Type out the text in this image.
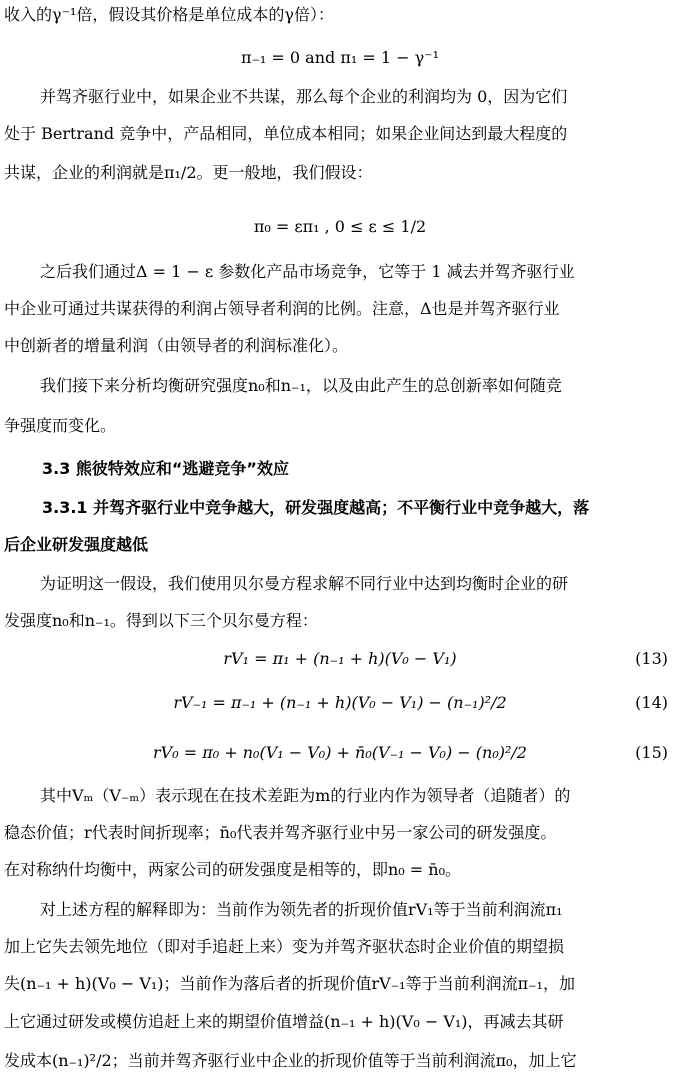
收入的γ⁻¹倍，假设其价格是单位成本的γ倍）：
π₋₁ = 0 and π₁ = 1 − γ⁻¹
并驾齐驱行业中，如果企业不共谋，那么每个企业的利润均为 0，因为它们
处于 Bertrand 竞争中，产品相同，单位成本相同；如果企业间达到最大程度的
共谋，企业的利润就是π₁/2。更一般地，我们假设：
π₀ = επ₁ , 0 ≤ ε ≤ 1/2
之后我们通过Δ = 1 − ε 参数化产品市场竞争，它等于 1 减去并驾齐驱行业
中企业可通过共谋获得的利润占领导者利润的比例。注意，Δ也是并驾齐驱行业
中创新者的增量利润（由领导者的利润标准化）。
我们接下来分析均衡研究强度n₀和n₋₁，以及由此产生的总创新率如何随竞
争强度而变化。
3.3 熊彼特效应和“逃避竞争”效应
3.3.1 并驾齐驱行业中竞争越大，研发强度越高；不平衡行业中竞争越大，落
后企业研发强度越低
为证明这一假设，我们使用贝尔曼方程求解不同行业中达到均衡时企业的研
发强度n₀和n₋₁。得到以下三个贝尔曼方程：
rV₁ = π₁ + (n₋₁ + h)(V₀ − V₁)	(13)
rV₋₁ = π₋₁ + (n₋₁ + h)(V₀ − V₁) − (n₋₁)²/2	(14)
rV₀ = π₀ + n₀(V₁ − V₀) + n̄₀(V₋₁ − V₀) − (n₀)²/2	(15)
其中Vₘ（V₋ₘ）表示现在在技术差距为m的行业内作为领导者（追随者）的
稳态价值；r代表时间折现率；n̄₀代表并驾齐驱行业中另一家公司的研发强度。
在对称纳什均衡中，两家公司的研发强度是相等的，即n₀ = n̄₀。
对上述方程的解释即为：当前作为领先者的折现价值rV₁等于当前利润流π₁
加上它失去领先地位（即对手追赶上来）变为并驾齐驱状态时企业价值的期望损
失(n₋₁ + h)(V₀ − V₁)；当前作为落后者的折现价值rV₋₁等于当前利润流π₋₁，加
上它通过研发或模仿追赶上来的期望价值增益(n₋₁ + h)(V₀ − V₁)，再减去其研
发成本(n₋₁)²/2；当前并驾齐驱行业中企业的折现价值等于当前利润流π₀，加上它
